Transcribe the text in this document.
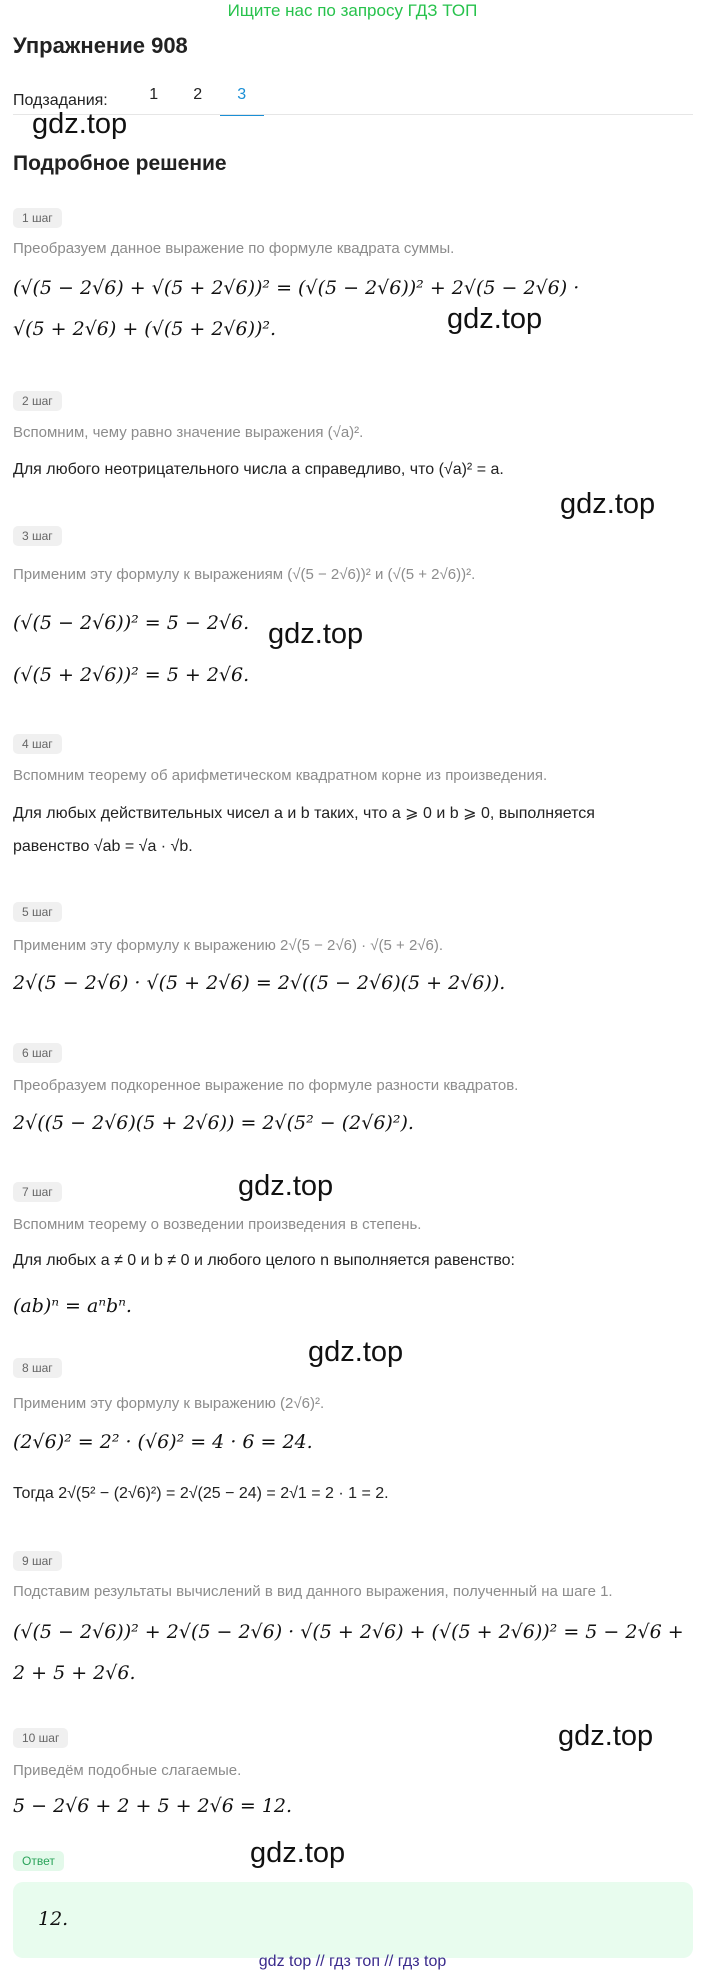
Ищите нас по запросу ГДЗ ТОП
Упражнение 908
Подзадания:	1	2	3
gdz.top
Подробное решение
1 шаг
Преобразуем данное выражение по формуле квадрата суммы.
(√(5 − 2√6) + √(5 + 2√6))² = (√(5 − 2√6))² + 2√(5 − 2√6) ·
√(5 + 2√6) + (√(5 + 2√6))².	gdz.top
2 шаг
Вспомним, чему равно значение выражения (√a)².
Для любого неотрицательного числа a справедливо, что (√a)² = a.
gdz.top
3 шаг
Применим эту формулу к выражениям (√(5 − 2√6))² и (√(5 + 2√6))².
(√(5 − 2√6))² = 5 − 2√6.
(√(5 + 2√6))² = 5 + 2√6.
gdz.top
4 шаг
Вспомним теорему об арифметическом квадратном корне из произведения.
Для любых действительных чисел a и b таких, что a ⩾ 0 и b ⩾ 0, выполняется
равенство √ab = √a · √b.
5 шаг
Применим эту формулу к выражению 2√(5 − 2√6) · √(5 + 2√6).
2√(5 − 2√6) · √(5 + 2√6) = 2√((5 − 2√6)(5 + 2√6)).
6 шаг
Преобразуем подкоренное выражение по формуле разности квадратов.
2√((5 − 2√6)(5 + 2√6)) = 2√(5² − (2√6)²).
gdz.top
7 шаг
Вспомним теорему о возведении произведения в степень.
Для любых a ≠ 0 и b ≠ 0 и любого целого n выполняется равенство:
(ab)ⁿ = aⁿbⁿ.
gdz.top
8 шаг
Применим эту формулу к выражению (2√6)².
(2√6)² = 2² · (√6)² = 4 · 6 = 24.
Тогда 2√(5² − (2√6)²) = 2√(25 − 24) = 2√1 = 2 · 1 = 2.
9 шаг
Подставим результаты вычислений в вид данного выражения, полученный на шаге 1.
(√(5 − 2√6))² + 2√(5 − 2√6) · √(5 + 2√6) + (√(5 + 2√6))² = 5 − 2√6 +
2 + 5 + 2√6.
10 шаг	gdz.top
Приведём подобные слагаемые.
5 − 2√6 + 2 + 5 + 2√6 = 12.
Ответ	gdz.top
12.
gdz top // гдз топ // гдз top
